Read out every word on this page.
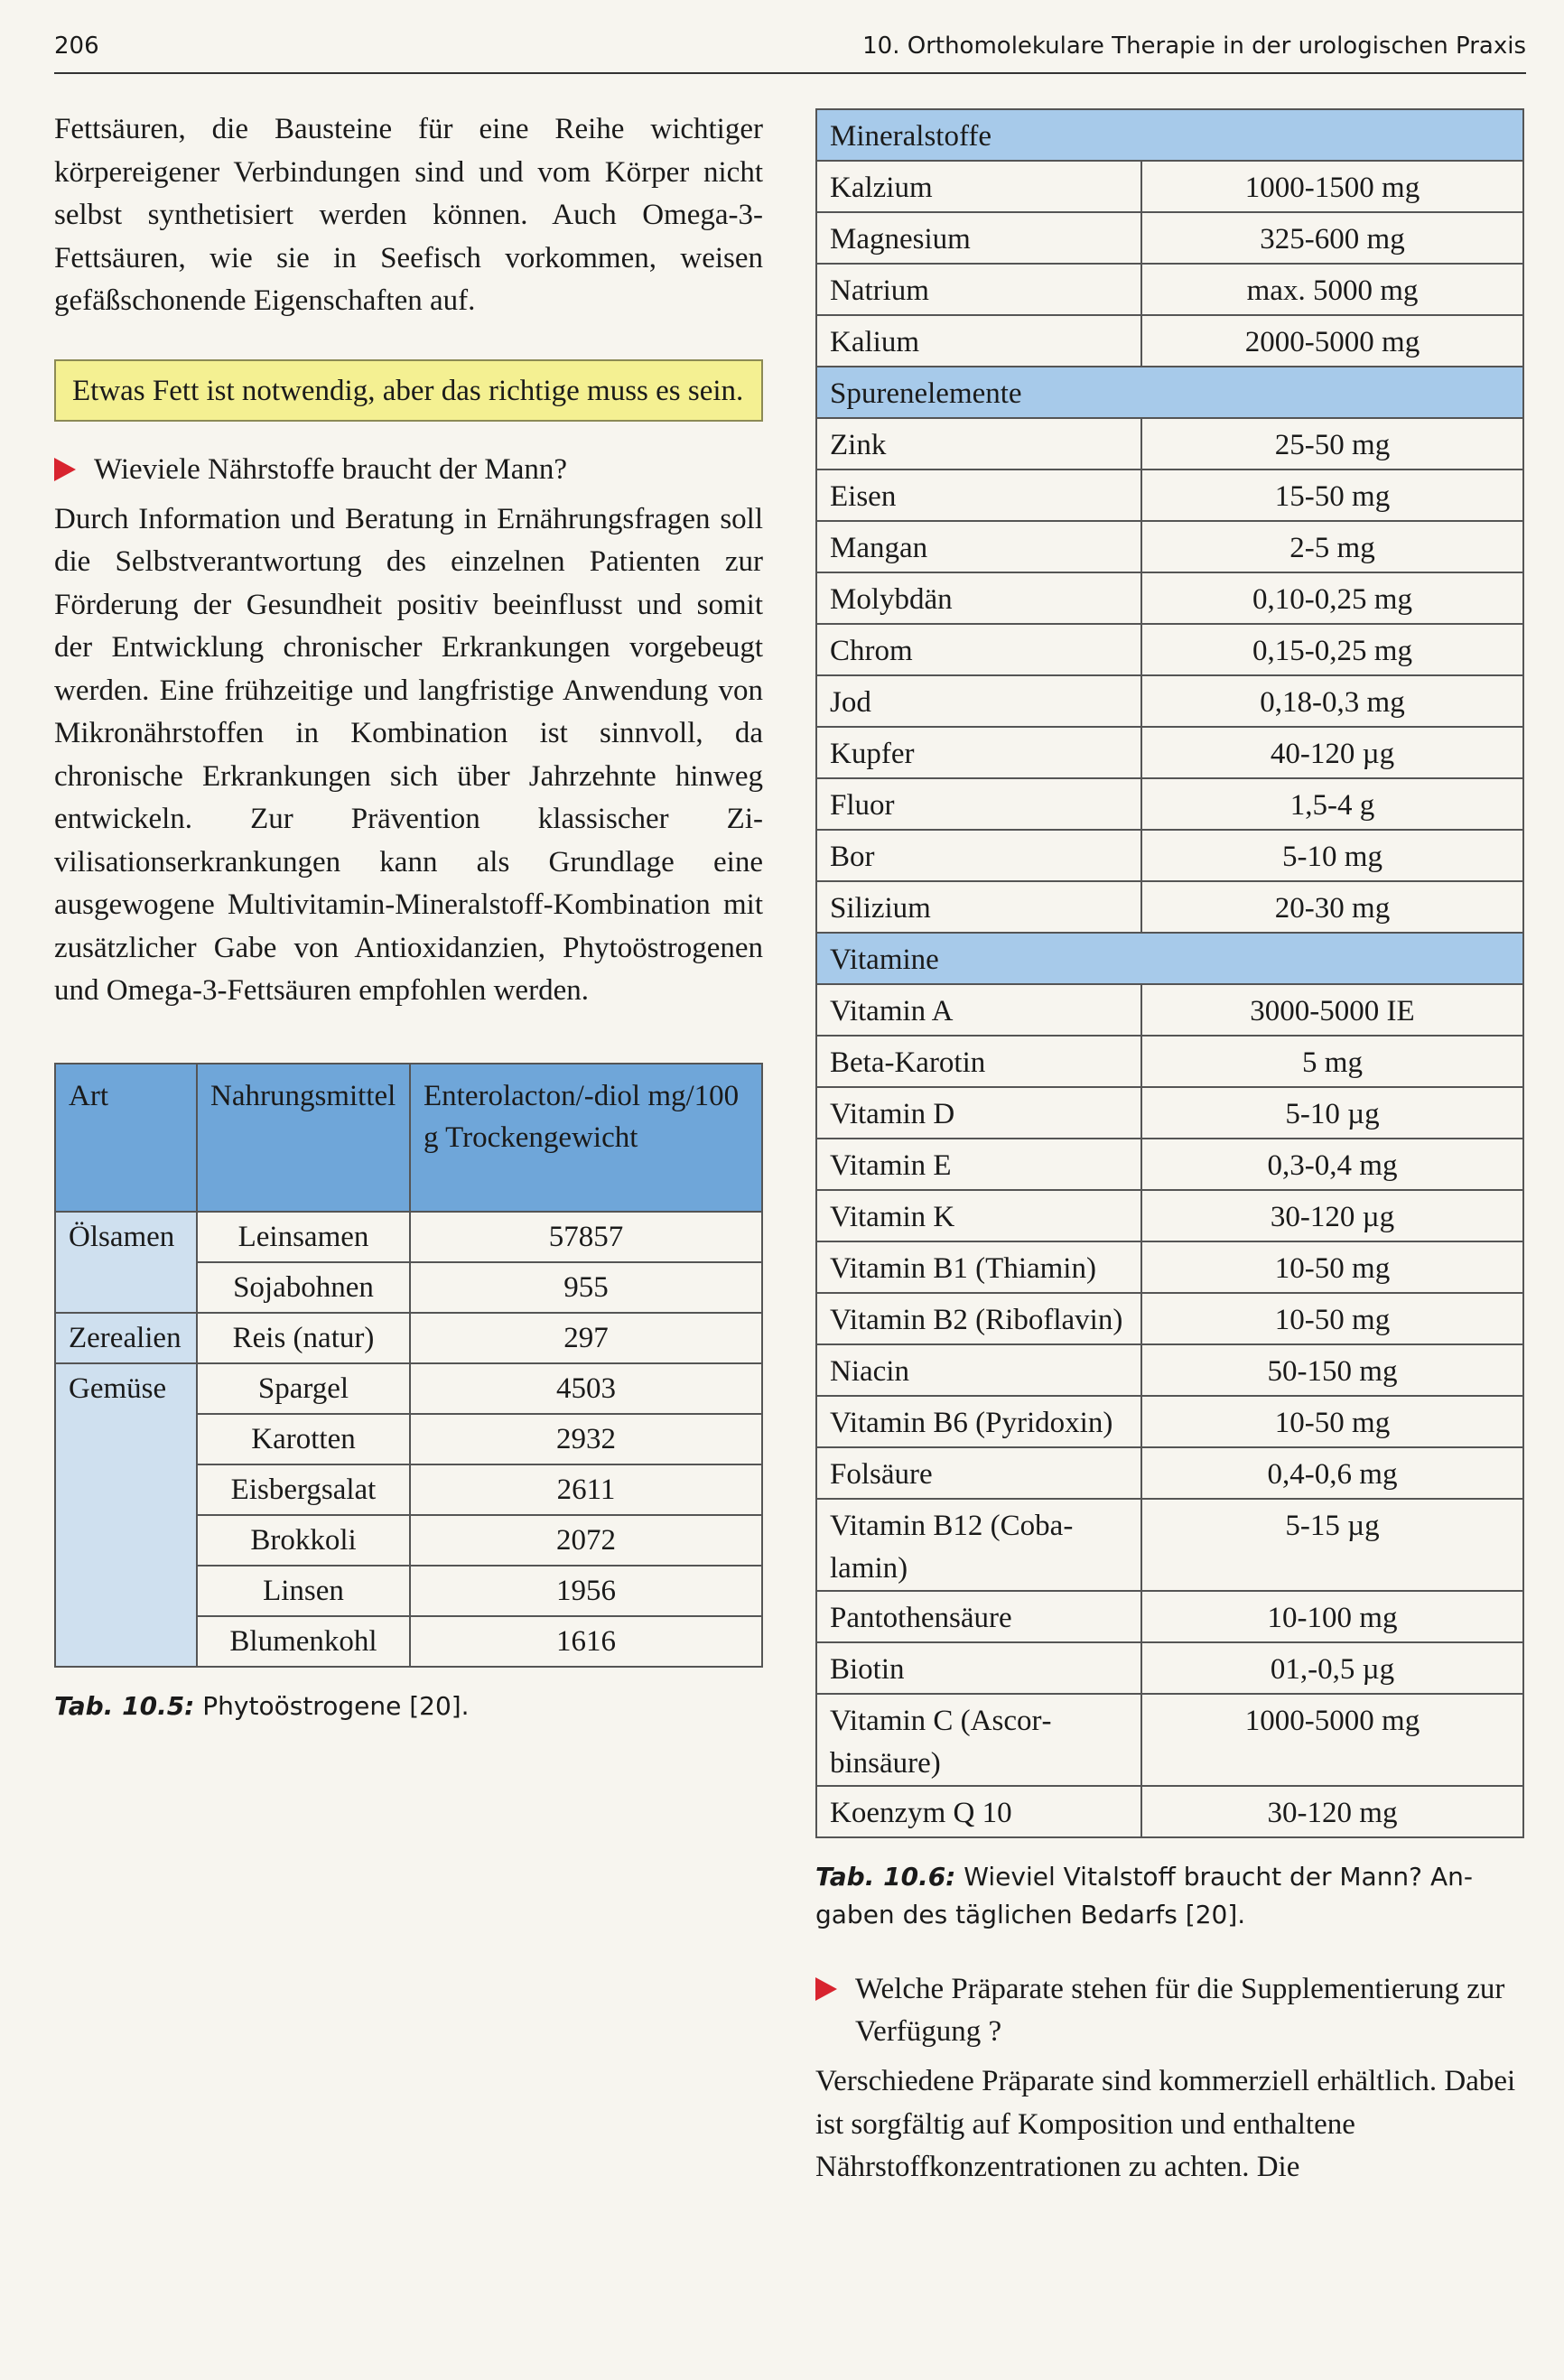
206	10. Orthomolekulare Therapie in der urologischen Praxis

Fettsäuren, die Bausteine für eine Reihe wichtiger körpereigener Verbindungen sind und vom Körper nicht selbst synthetisiert werden können. Auch Omega-3-Fettsäuren, wie sie in Seefisch vorkommen, weisen gefäßschonende Eigenschaften auf.

Etwas Fett ist notwendig, aber das richtige muss es sein.
Wieviele Nährstoffe braucht der Mann?

Durch Information und Beratung in Ernährungsfragen soll die Selbstverantwortung des einzelnen Patienten zur Förderung der Gesundheit positiv beeinflusst und somit der Entwicklung chronischer Erkrankungen vorgebeugt werden. Eine frühzeitige und langfristige Anwendung von Mikronährstoffen in Kombination ist sinnvoll, da chronische Erkrankungen sich über Jahrzehnte hinweg entwickeln. Zur Prävention klassischer Zivilisationserkrankungen kann als Grundlage eine ausgewogene Multivitamin-Mineralstoff-Kombination mit zusätzlicher Gabe von Antioxidanzien, Phytoöstrogenen und Omega-3-Fettsäuren empfohlen werden.

Art	Nahrungsmittel	Enterolacton/-diol mg/100 g Trockengewicht
Ölsamen	Leinsamen	57857
	Sojabohnen	955
Zerealien	Reis (natur)	297
Gemüse	Spargel	4503
	Karotten	2932
	Eisbergsalat	2611
	Brokkoli	2072
	Linsen	1956
	Blumenkohl	1616
Tab. 10.5: Phytoöstrogene [20].
Mineralstoffe	
Kalzium	1000-1500 mg
Magnesium	325-600 mg
Natrium	max. 5000 mg
Kalium	2000-5000 mg
Spurenelemente	
Zink	25-50 mg
Eisen	15-50 mg
Mangan	2-5 mg
Molybdän	0,10-0,25 mg
Chrom	0,15-0,25 mg
Jod	0,18-0,3 mg
Kupfer	40-120 µg
Fluor	1,5-4 g
Bor	5-10 mg
Silizium	20-30 mg
Vitamine	
Vitamin A	3000-5000 IE
Beta-Karotin	5 mg
Vitamin D	5-10 µg
Vitamin E	0,3-0,4 mg
Vitamin K	30-120 µg
Vitamin B1 (Thiamin)	10-50 mg
Vitamin B2 (Riboflavin)	10-50 mg
Niacin	50-150 mg
Vitamin B6 (Pyridoxin)	10-50 mg
Folsäure	0,4-0,6 mg
Vitamin B12 (Cobalamin)	5-15 µg
Pantothensäure	10-100 mg
Biotin	01,-0,5 µg
Vitamin C (Ascorbinsäure)	1000-5000 mg
Koenzym Q 10	30-120 mg
Tab. 10.6: Wieviel Vitalstoff braucht der Mann? Angaben des täglichen Bedarfs [20].
Welche Präparate stehen für die Supplementierung zur Verfügung ?

Verschiedene Präparate sind kommerziell erhältlich. Dabei ist sorgfältig auf Komposition und enthaltene Nährstoffkonzentrationen zu achten. Die
